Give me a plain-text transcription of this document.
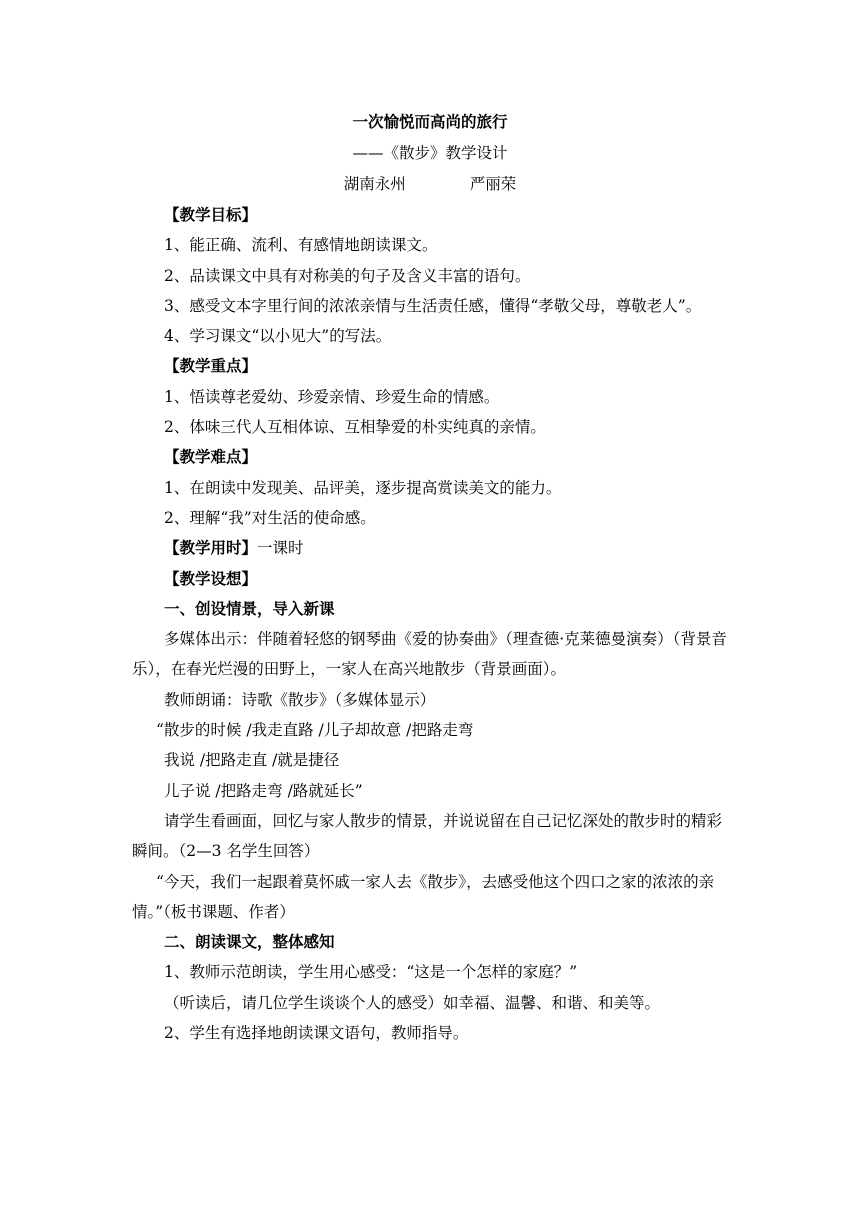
一次愉悦而高尚的旅行
——《散步》教学设计
湖南永州	严丽荣

【教学目标】

1、能正确、流利、有感情地朗读课文。

2、品读课文中具有对称美的句子及含义丰富的语句。

3、感受文本字里行间的浓浓亲情与生活责任感，懂得“孝敬父母，尊敬老人”。

4、学习课文“以小见大”的写法。

【教学重点】

1、悟读尊老爱幼、珍爱亲情、珍爱生命的情感。

2、体味三代人互相体谅、互相挚爱的朴实纯真的亲情。

【教学难点】

1、在朗读中发现美、品评美，逐步提高赏读美文的能力。

2、理解“我”对生活的使命感。

【教学用时】一课时

【教学设想】

一、创设情景，导入新课

多媒体出示：伴随着轻悠的钢琴曲《爱的协奏曲》（理查德·克莱德曼演奏）（背景音乐），在春光烂漫的田野上，一家人在高兴地散步（背景画面）。

教师朗诵：诗歌《散步》（多媒体显示）

“散步的时候 /我走直路 /儿子却故意 /把路走弯

我说 /把路走直 /就是捷径

儿子说 /把路走弯 /路就延长”

请学生看画面，回忆与家人散步的情景，并说说留在自己记忆深处的散步时的精彩瞬间。（2—3 名学生回答）

“今天，我们一起跟着莫怀戚一家人去《散步》，去感受他这个四口之家的浓浓的亲情。”（板书课题、作者）

二、朗读课文，整体感知

1、教师示范朗读，学生用心感受：“这是一个怎样的家庭？”

（听读后，请几位学生谈谈个人的感受）如幸福、温馨、和谐、和美等。

2、学生有选择地朗读课文语句，教师指导。
